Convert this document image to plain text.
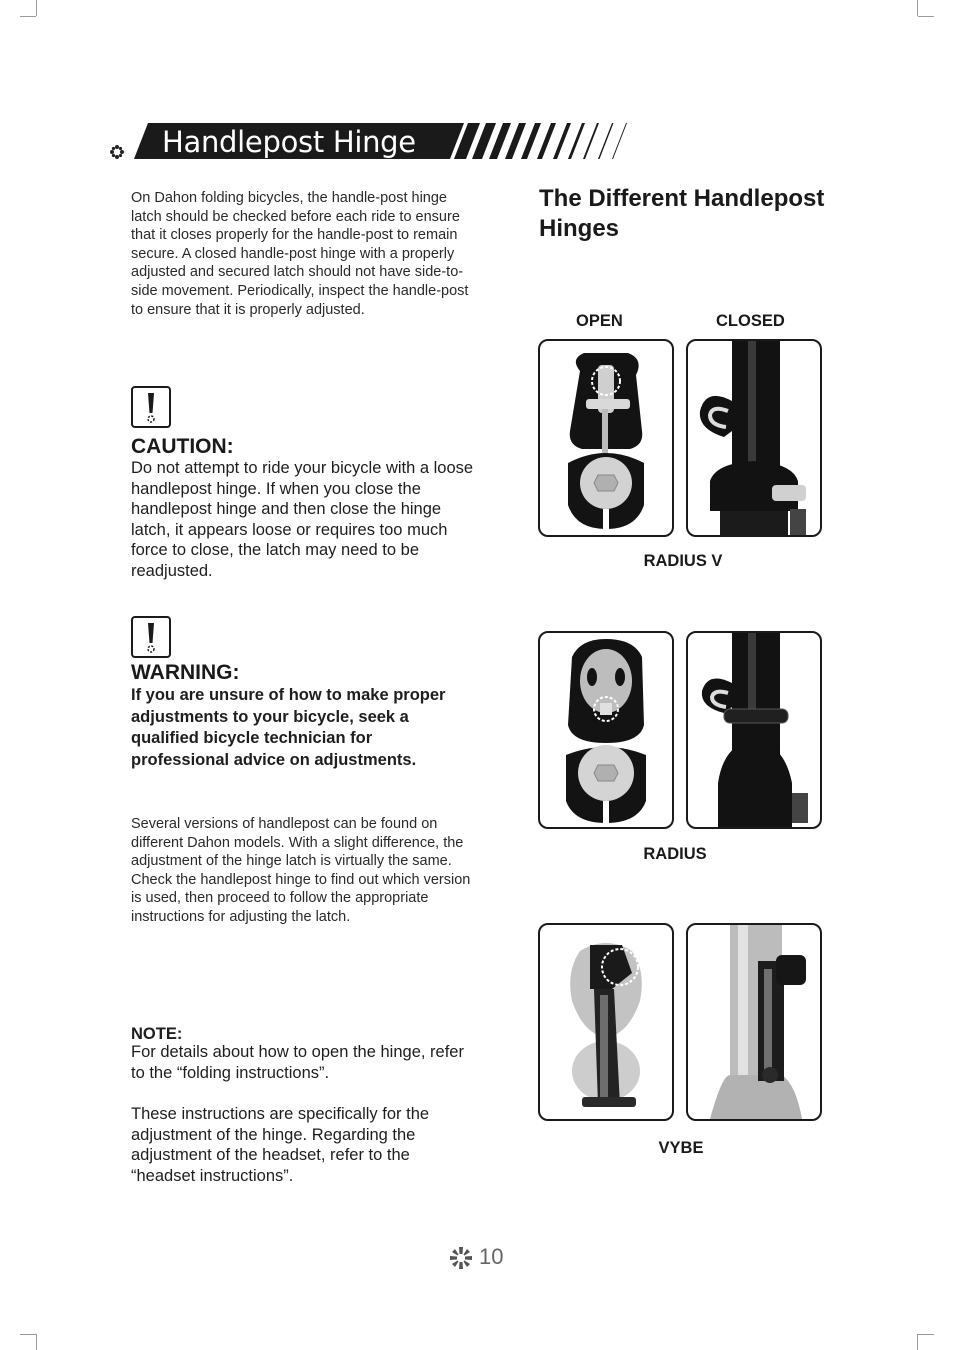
Handlepost Hinge
On Dahon folding bicycles, the handle-post hinge latch should be checked before each ride to ensure that it closes properly for the handle-post to remain secure. A closed handle-post hinge with a properly adjusted and secured latch should not have side-to-side movement. Periodically, inspect the handle-post to ensure that it is properly adjusted.
CAUTION:
Do not attempt to ride your bicycle with a loose handlepost hinge. If when you close the handlepost hinge and then close the hinge latch, it appears loose or requires too much force to close, the latch may need to be readjusted.
WARNING:
If you are unsure of how to make proper adjustments to your bicycle, seek a qualified bicycle technician for professional advice on adjustments.
Several versions of handlepost can be found on different Dahon models. With a slight difference, the adjustment of the hinge latch is virtually the same. Check the handlepost hinge to find out which version is used, then proceed to follow the appropriate instructions for adjusting the latch.
NOTE:
For details about how to open the hinge, refer to the “folding instructions”.
These instructions are specifically for the adjustment of the hinge. Regarding the adjustment of the headset, refer to the “headset instructions”.
The Different Handlepost Hinges
OPEN	CLOSED
RADIUS V
RADIUS
VYBE
10
